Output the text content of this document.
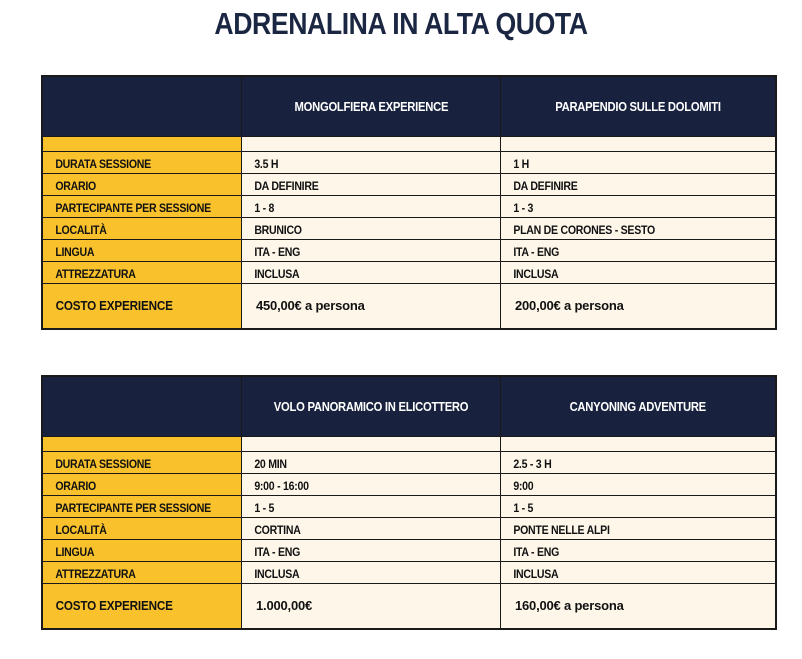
ADRENALINA IN ALTA QUOTA
	MONGOLFIERA EXPERIENCE	PARAPENDIO SULLE DOLOMITI

DURATA SESSIONE	3.5 H	1 H
ORARIO	DA DEFINIRE	DA DEFINIRE
PARTECIPANTE PER SESSIONE	1 - 8	1 - 3
LOCALITÀ	BRUNICO	PLAN DE CORONES - SESTO
LINGUA	ITA - ENG	ITA - ENG
ATTREZZATURA	INCLUSA	INCLUSA
COSTO EXPERIENCE	450,00€ a persona	200,00€ a persona
	VOLO PANORAMICO IN ELICOTTERO	CANYONING ADVENTURE

DURATA SESSIONE	20 MIN	2.5 - 3 H
ORARIO	9:00 - 16:00	9:00
PARTECIPANTE PER SESSIONE	1 - 5	1 - 5
LOCALITÀ	CORTINA	PONTE NELLE ALPI
LINGUA	ITA - ENG	ITA - ENG
ATTREZZATURA	INCLUSA	INCLUSA
COSTO EXPERIENCE	1.000,00€	160,00€ a persona
